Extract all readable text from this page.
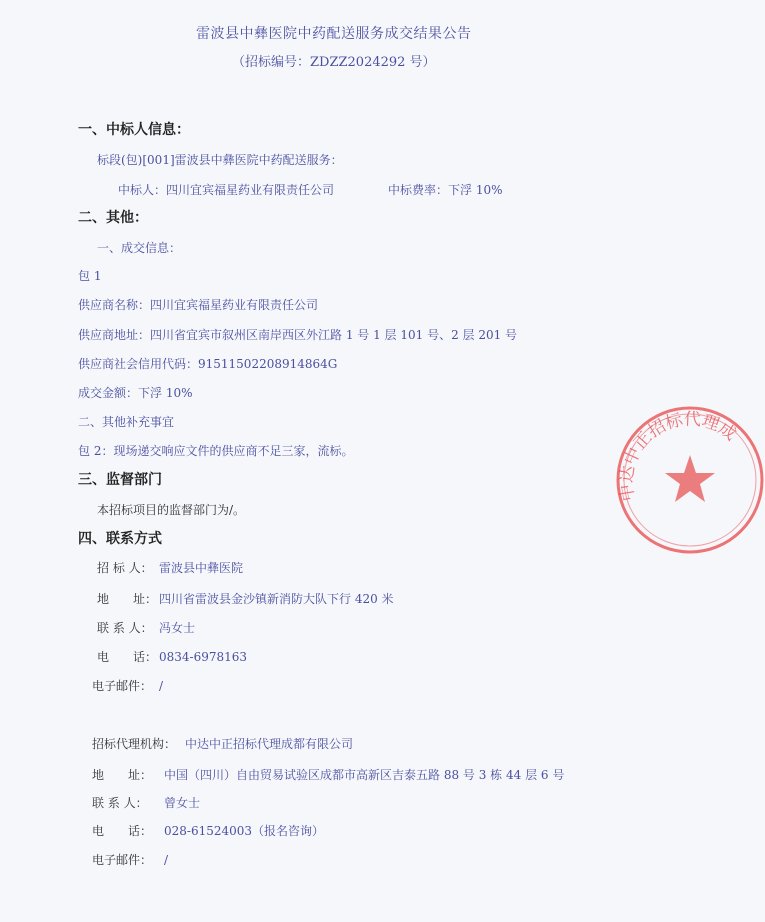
雷波县中彝医院中药配送服务成交结果公告
（招标编号：ZDZZ2024292 号）
一、中标人信息：
标段(包)[001]雷波县中彝医院中药配送服务：
中标人：四川宜宾福星药业有限责任公司	中标费率：下浮 10%
二、其他：
一、成交信息：
包 1
供应商名称：四川宜宾福星药业有限责任公司
供应商地址：四川省宜宾市叙州区南岸西区外江路 1 号 1 层 101 号、2 层 201 号
供应商社会信用代码：91511502208914864G
成交金额：下浮 10%
二、其他补充事宜
包 2：现场递交响应文件的供应商不足三家，流标。
三、监督部门
本招标项目的监督部门为/。
四、联系方式
招 标 人： 雷波县中彝医院
地　　址： 四川省雷波县金沙镇新消防大队下行 420 米
联 系 人： 冯女士
电　　话： 0834-6978163
电子邮件： /
招标代理机构： 中达中正招标代理成都有限公司
地　　址： 中国（四川）自由贸易试验区成都市高新区吉泰五路 88 号 3 栋 44 层 6 号
联 系 人： 曾女士
电　　话： 028-61524003（报名咨询）
电子邮件： /
中达中正招标代理成
